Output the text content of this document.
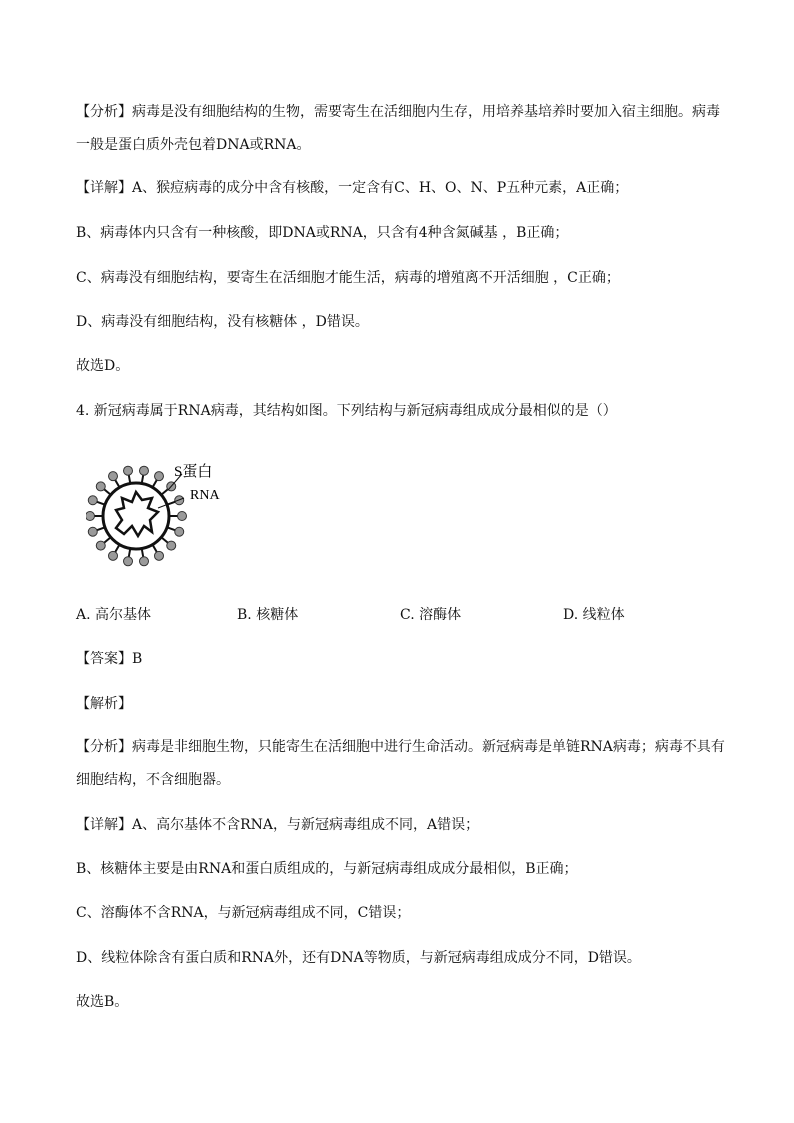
【分析】病毒是没有细胞结构的生物，需要寄生在活细胞内生存，用培养基培养时要加入宿主细胞。病毒一般是蛋白质外壳包着DNA或RNA。
【详解】A、猴痘病毒的成分中含有核酸，一定含有C、H、O、N、P五种元素，A正确；
B、病毒体内只含有一种核酸，即DNA或RNA，只含有4种含氮碱基 ，B正确；
C、病毒没有细胞结构，要寄生在活细胞才能生活，病毒的增殖离不开活细胞 ，C正确；
D、病毒没有细胞结构，没有核糖体 ，D错误。
故选D。
4. 新冠病毒属于RNA病毒，其结构如图。下列结构与新冠病毒组成成分最相似的是（）
S蛋白
RNA
A. 高尔基体	B. 核糖体	C. 溶酶体	D. 线粒体
【答案】B
【解析】
【分析】病毒是非细胞生物，只能寄生在活细胞中进行生命活动。新冠病毒是单链RNA病毒；病毒不具有细胞结构，不含细胞器。
【详解】A、高尔基体不含RNA，与新冠病毒组成不同，A错误；
B、核糖体主要是由RNA和蛋白质组成的，与新冠病毒组成成分最相似，B正确；
C、溶酶体不含RNA，与新冠病毒组成不同，C错误；
D、线粒体除含有蛋白质和RNA外，还有DNA等物质，与新冠病毒组成成分不同，D错误。
故选B。
